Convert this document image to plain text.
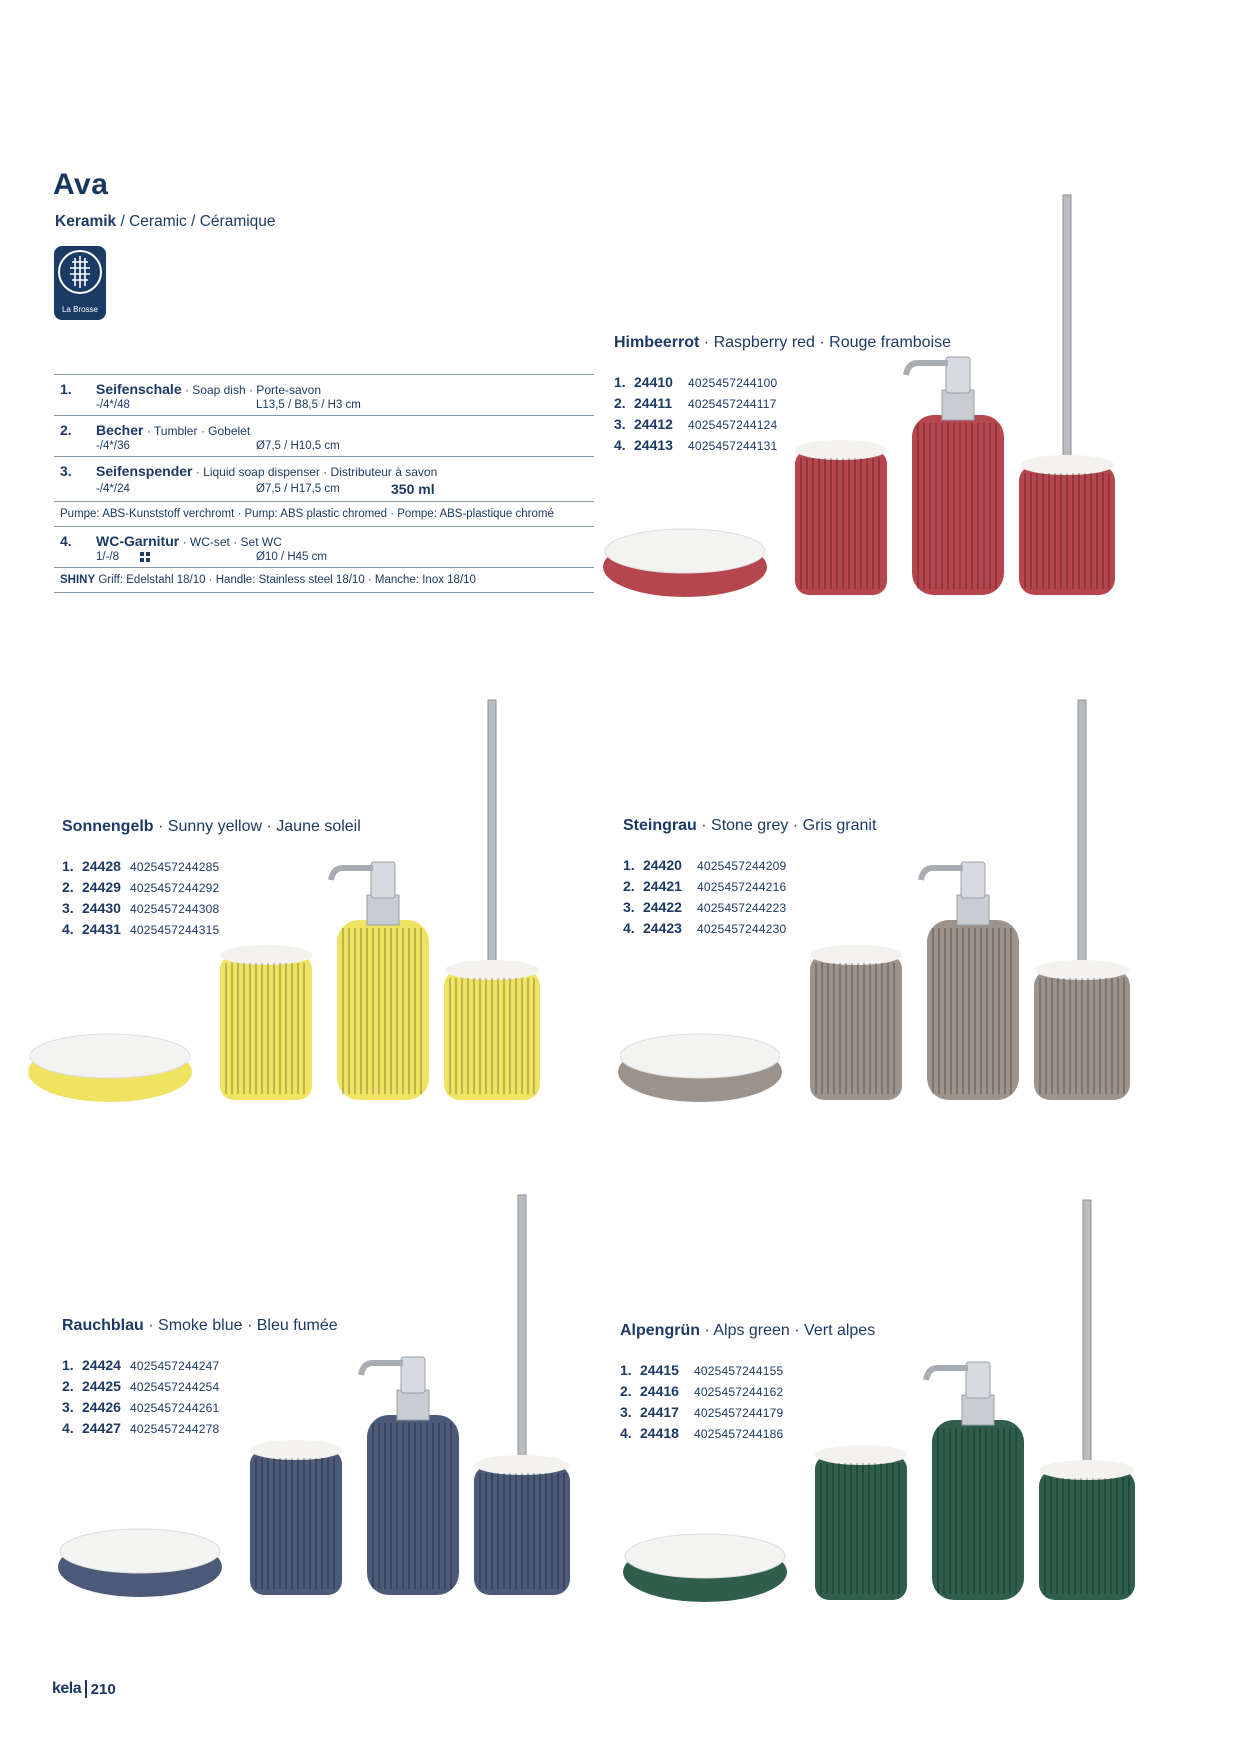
Ava
Keramik / Ceramic / Céramique
La Brosse

1.	Seifenschale · Soap dish · Porte-savon		
	-/4*/48	L13,5 / B8,5 / H3 cm	

2.	Becher · Tumbler · Gobelet		
	-/4*/36	Ø7,5 / H10,5 cm	

3.	Seifenspender · Liquid soap dispenser · Distributeur à savon		
	-/4*/24	Ø7,5 / H17,5 cm	350 ml

Pumpe: ABS-Kunststoff verchromt · Pump: ABS plastic chromed · Pompe: ABS-plastique chromé			

4.	WC-Garnitur · WC-set · Set WC		
	1/-/8	Ø10 / H45 cm	

SHINY Griff: Edelstahl 18/10 · Handle: Stainless steel 18/10 · Manche: Inox 18/10			

Himbeerrot · Raspberry red · Rouge framboise
1. 24410	4025457244100
2. 24411	4025457244117
3. 24412	4025457244124
4. 24413	4025457244131
Sonnengelb · Sunny yellow · Jaune soleil
1. 24428 4025457244285
2. 24429 4025457244292
3. 24430 4025457244308
4. 24431 4025457244315
Steingrau · Stone grey · Gris granit
1. 24420	4025457244209
2. 24421	4025457244216
3. 24422	4025457244223
4. 24423	4025457244230
Rauchblau · Smoke blue · Bleu fumée
1. 24424 4025457244247
2. 24425 4025457244254
3. 24426 4025457244261
4. 24427 4025457244278
Alpengrün · Alps green · Vert alpes
1. 24415	4025457244155
2. 24416	4025457244162
3. 24417	4025457244179
4. 24418	4025457244186
kela 210
